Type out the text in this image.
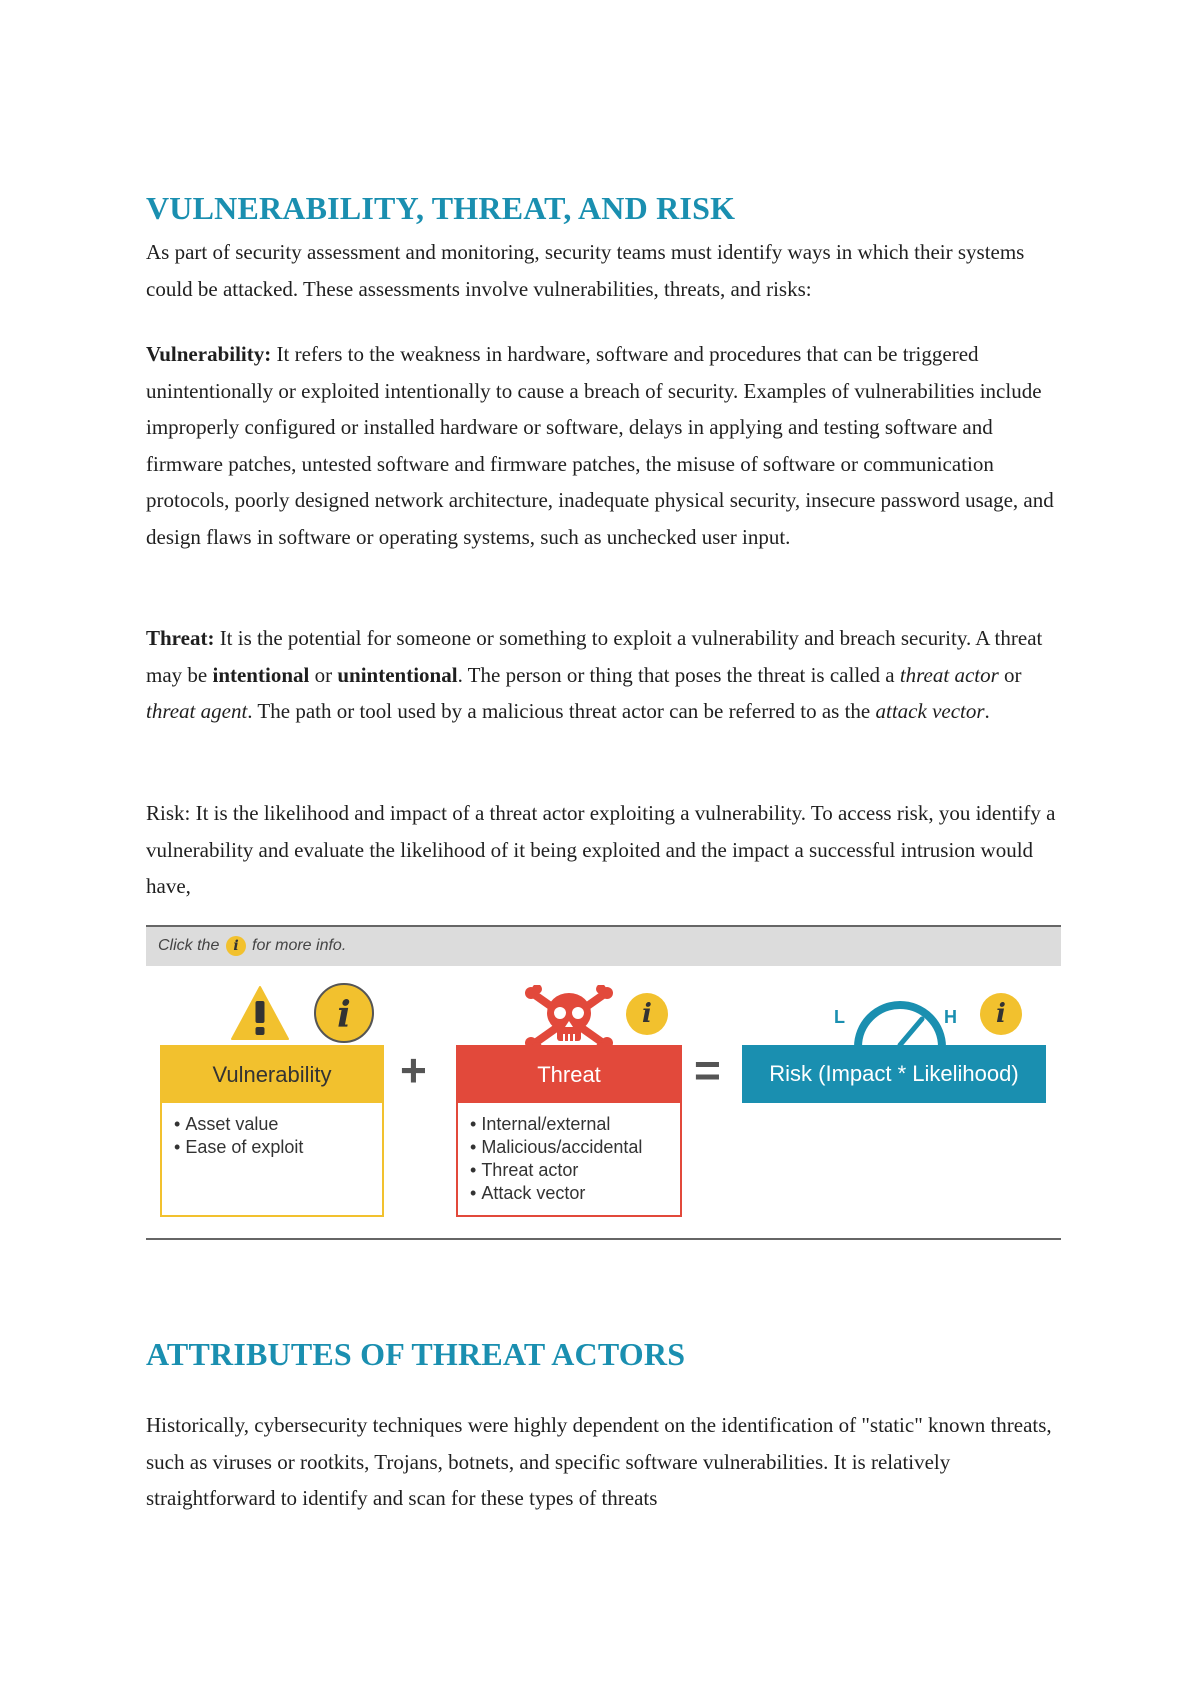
VULNERABILITY, THREAT, AND RISK

As part of security assessment and monitoring, security teams must identify ways in which their systems could be attacked. These assessments involve vulnerabilities, threats, and risks:

Vulnerability: It refers to the weakness in hardware, software and procedures that can be triggered unintentionally or exploited intentionally to cause a breach of security. Examples of vulnerabilities include improperly configured or installed hardware or software, delays in applying and testing software and firmware patches, untested software and firmware patches, the misuse of software or communication protocols, poorly designed network architecture, inadequate physical security, insecure password usage, and design flaws in software or operating systems, such as unchecked user input.

Threat: It is the potential for someone or something to exploit a vulnerability and breach security. A threat may be intentional or unintentional. The person or thing that poses the threat is called a threat actor or threat agent. The path or tool used by a malicious threat actor can be referred to as the attack vector.

Risk: It is the likelihood and impact of a threat actor exploiting a vulnerability. To access risk, you identify a vulnerability and evaluate the likelihood of it being exploited and the impact a successful intrusion would have,

Click the i for more info.
i
Vulnerability
• Asset value
• Ease of exploit
+
i
Threat
• Internal/external
• Malicious/accidental
• Threat actor
• Attack vector
=
L	H	i
Risk (Impact * Likelihood)
ATTRIBUTES OF THREAT ACTORS

Historically, cybersecurity techniques were highly dependent on the identification of "static" known threats, such as viruses or rootkits, Trojans, botnets, and specific software vulnerabilities. It is relatively straightforward to identify and scan for these types of threats
